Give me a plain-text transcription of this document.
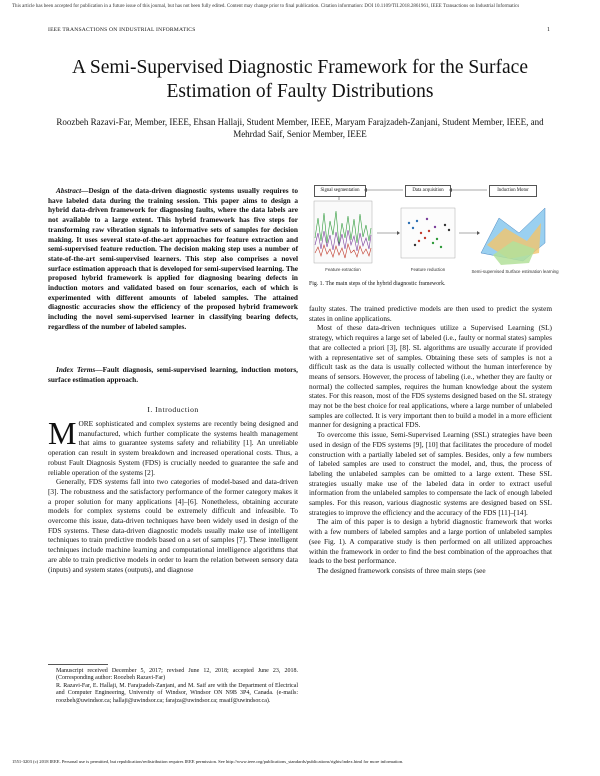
This article has been accepted for publication in a future issue of this journal, but has not been fully edited. Content may change prior to final publication. Citation information: DOI 10.1109/TII.2018.2861961, IEEE Transactions on Industrial Informatics
IEEE TRANSACTIONS ON INDUSTRIAL INFORMATICS	1
A Semi-Supervised Diagnostic Framework for the Surface Estimation of Faulty Distributions
Roozbeh Razavi-Far, Member, IEEE, Ehsan Hallaji, Student Member, IEEE, Maryam Farajzadeh-Zanjani, Student Member, IEEE, and Mehrdad Saif, Senior Member, IEEE

Abstract—Design of the data-driven diagnostic systems usually requires to have labeled data during the training session. This paper aims to design a hybrid data-driven framework for diagnosing faults, where the data labels are not available to a large extent. This hybrid framework has five steps for transforming raw vibration signals to informative sets of samples for decision making. It uses several state-of-the-art approaches for feature extraction and semi-supervised feature reduction. The decision making step uses a number of state-of-the-art semi-supervised learners. This step also comprises a novel surface estimation approach that is developed for semi-supervised learning. The proposed hybrid framework is applied for diagnosing bearing defects in induction motors and validated based on four scenarios, each of which is experimented with different amounts of labeled samples. The attained diagnostic accuracies show the efficiency of the proposed hybrid framework including the novel semi-supervised learner in classifying bearing defects, regardless of the number of labeled samples.

Index Terms—Fault diagnosis, semi-supervised learning, induction motors, surface estimation approach.

I. Introduction

MORE sophisticated and complex systems are recently being designed and manufactured, which further complicate the systems health management that aims to guarantee systems safety and reliability [1]. An unreliable operation can result in system breakdown and increased operational costs. Thus, a robust Fault Diagnosis System (FDS) is crucially needed to guarantee the safe and reliable operation of the systems [2].

Generally, FDS systems fall into two categories of model-based and data-driven [3]. The robustness and the satisfactory performance of the former category makes it a proper solution for many applications [4]–[6]. Nonetheless, obtaining accurate models for complex systems could be extremely difficult and infeasible. To overcome this issue, data-driven techniques have been widely used in design of the FDS systems. These data-driven diagnostic models usually make use of intelligent techniques to train predictive models based on a set of samples [7]. These intelligent techniques include machine learning and computational intelligence algorithms that are able to train predictive models in order to learn the relation between sensory data (inputs) and system states (outputs), and diagnose

Manuscript received December 5, 2017; revised June 12, 2018; accepted June 23, 2018. (Corresponding author: Roozbeh Razavi-Far)

R. Razavi-Far, E. Hallaji, M. Farajzadeh-Zanjani, and M. Saif are with the Department of Electrical and Computer Engineering, University of Windsor, Windsor ON N9B 3P4, Canada. (e-mails: roozbeh@uwindsor.ca; hallaji@uwindsor.ca; farajza@uwindsor.ca; msaif@uwindsor.ca).

Signal segmentation	Data acquisition	Induction Motor
Feature extraction	Feature reduction	Semi-supervised Surface estimation learning
Fig. 1. The main steps of the hybrid diagnostic framework.

faulty states. The trained predictive models are then used to predict the system states in online applications.

Most of these data-driven techniques utilize a Supervised Learning (SL) strategy, which requires a large set of labeled (i.e., faulty or normal states) samples that are collected a priori [3], [8]. SL algorithms are usually accurate if provided with a representative set of samples. Obtaining these sets of samples is not a difficult task as the data is usually collected without the human interference by means of sensors. However, the process of labeling (i.e., whether they are faulty or normal) the collected samples, requires the human knowledge about the system states. For this reason, most of the FDS systems designed based on the SL strategy may not be the best choice for real applications, where a large number of unlabeled samples are collected. It is very important then to build a model in a more efficient manner for designing a practical FDS.

To overcome this issue, Semi-Supervised Learning (SSL) strategies have been used in design of the FDS systems [9], [10] that facilitates the procedure of model construction with a partially labeled set of samples. Besides, only a few numbers of labeled samples are used to construct the model, and, thus, the process of labeling the unlabeled samples can be omitted to a large extent. These SSL strategies usually make use of the labeled data in order to extract useful information from the unlabeled samples to compensate the lack of enough labeled samples. For this reason, various diagnostic systems are designed based on SSL strategies to improve the efficiency and the accuracy of the FDS [11]–[14].

The aim of this paper is to design a hybrid diagnostic framework that works with a few numbers of labeled samples and a large portion of unlabeled samples (see Fig. 1). A comparative study is then performed on all utilized approaches within the framework in order to find the best combination of the approaches that leads to the best performance.

The designed framework consists of three main steps (see

1551-3203 (c) 2018 IEEE. Personal use is permitted, but republication/redistribution requires IEEE permission. See http://www.ieee.org/publications_standards/publications/rights/index.html for more information.
